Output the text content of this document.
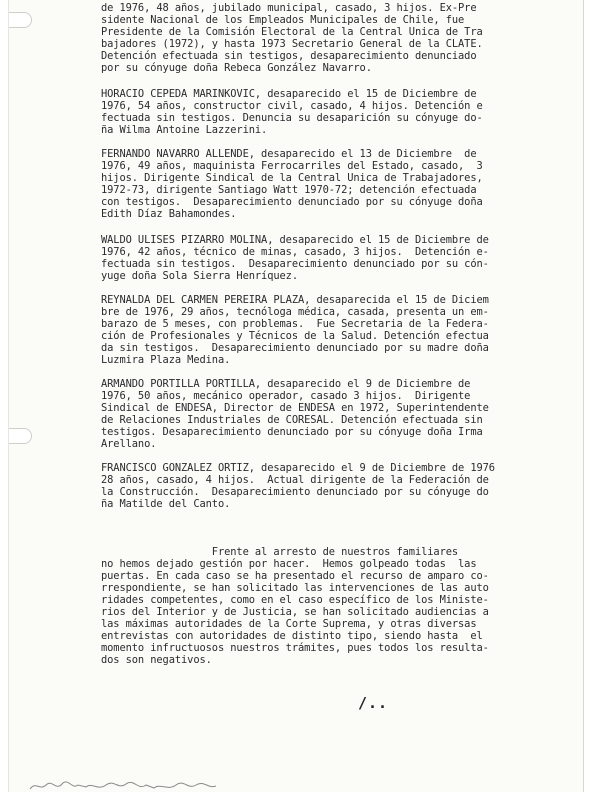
de 1976, 48 años, jubilado municipal, casado, 3 hijos. Ex-Pre
sidente Nacional de los Empleados Municipales de Chile, fue
Presidente de la Comisión Electoral de la Central Unica de Tra
bajadores (1972), y hasta 1973 Secretario General de la CLATE.
Detención efectuada sin testigos, desaparecimiento denunciado
por su cónyuge doña Rebeca González Navarro.

HORACIO CEPEDA MARINKOVIC, desaparecido el 15 de Diciembre de
1976, 54 años, constructor civil, casado, 4 hijos. Detención e
fectuada sin testigos. Denuncia su desaparición su cónyuge do-
ña Wilma Antoine Lazzerini.

FERNANDO NAVARRO ALLENDE, desaparecido el 13 de Diciembre  de
1976, 49 años, maquinista Ferrocarriles del Estado, casado,  3
hijos. Dirigente Sindical de la Central Unica de Trabajadores,
1972-73, dirigente Santiago Watt 1970-72; detención efectuada
con testigos.  Desaparecimiento denunciado por su cónyuge doña
Edith Díaz Bahamondes.

WALDO ULISES PIZARRO MOLINA, desaparecido el 15 de Diciembre de
1976, 42 años, técnico de minas, casado, 3 hijos.  Detención e-
fectuada sin testigos.  Desaparecimiento denunciado por su cón-
yuge doña Sola Sierra Henríquez.

REYNALDA DEL CARMEN PEREIRA PLAZA, desaparecida el 15 de Diciem
bre de 1976, 29 años, tecnóloga médica, casada, presenta un em-
barazo de 5 meses, con problemas.  Fue Secretaria de la Federa-
ción de Profesionales y Técnicos de la Salud. Detención efectua
da sin testigos.  Desaparecimiento denunciado por su madre doña
Luzmira Plaza Medina.

ARMANDO PORTILLA PORTILLA, desaparecido el 9 de Diciembre de
1976, 50 años, mecánico operador, casado 3 hijos.  Dirigente
Sindical de ENDESA, Director de ENDESA en 1972, Superintendente
de Relaciones Industriales de CORESAL. Detención efectuada sin
testigos. Desaparecimiento denunciado por su cónyuge doña Irma
Arellano.

FRANCISCO GONZALEZ ORTIZ, desaparecido el 9 de Diciembre de 1976
28 años, casado, 4 hijos.  Actual dirigente de la Federación de
la Construcción.  Desaparecimiento denunciado por su cónyuge do
ña Matilde del Canto.

Frente al arresto de nuestros familiares
no hemos dejado gestión por hacer.  Hemos golpeado todas  las
puertas. En cada caso se ha presentado el recurso de amparo co-
rrespondiente, se han solicitado las intervenciones de las auto
ridades competentes, como en el caso específico de los Ministe-
rios del Interior y de Justicia, se han solicitado audiencias a
las máximas autoridades de la Corte Suprema, y otras diversas
entrevistas con autoridades de distinto tipo, siendo hasta  el
momento infructuosos nuestros trámites, pues todos los resulta-
dos son negativos.

/..
